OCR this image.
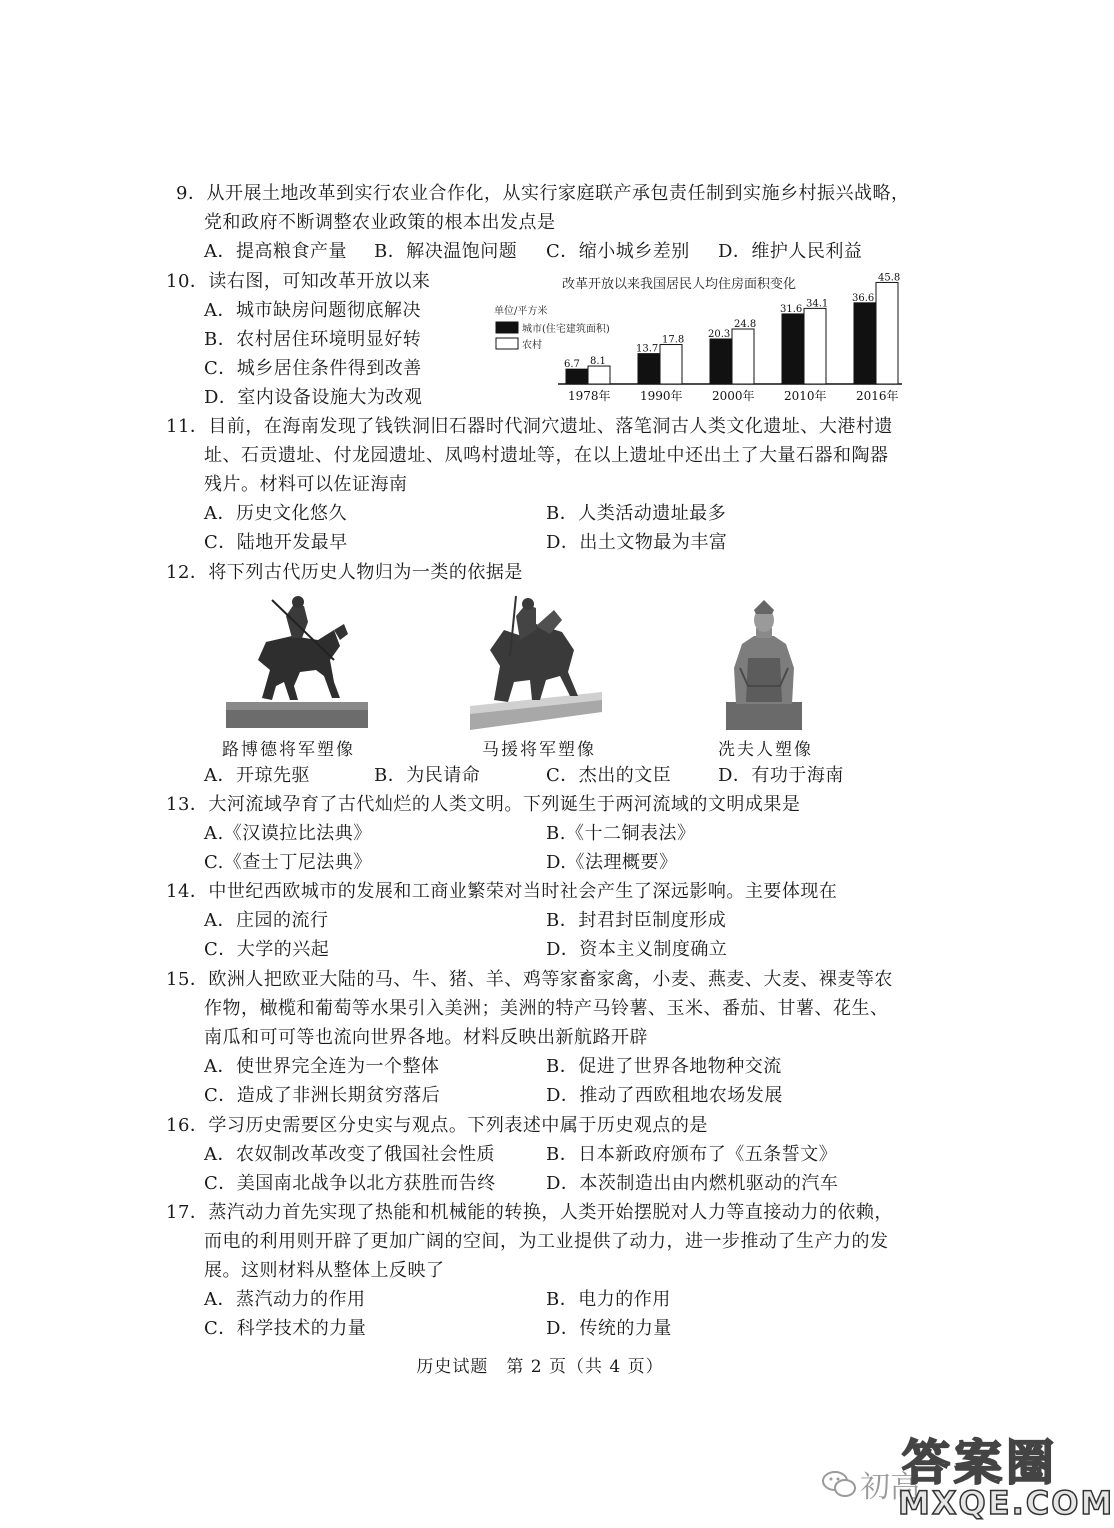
9．从开展土地改革到实行农业合作化，从实行家庭联产承包责任制到实施乡村振兴战略，
党和政府不断调整农业政策的根本出发点是
A．提高粮食产量 B．解决温饱问题 C．缩小城乡差别 D．维护人民利益
10．读右图，可知改革开放以来
A．城市缺房问题彻底解决
B．农村居住环境明显好转
C．城乡居住条件得到改善
D．室内设备设施大为改观
改革开放以来我国居民人均住房面积变化
单位/平方米
城市(住宅建筑面积)
农村
6.7 8.1
1978年
13.7
17.8
1990年
20.3
24.8
2000年
31.6
34.1
2010年
36.6
45.8
2016年
11．目前，在海南发现了钱铁洞旧石器时代洞穴遗址、落笔洞古人类文化遗址、大港村遗
址、石贡遗址、付龙园遗址、凤鸣村遗址等，在以上遗址中还出土了大量石器和陶器
残片。材料可以佐证海南
A．历史文化悠久	B．人类活动遗址最多
C．陆地开发最早	D．出土文物最为丰富
12．将下列古代历史人物归为一类的依据是
路博德将军塑像	马援将军塑像	冼夫人塑像
A．开琼先驱	B．为民请命	C．杰出的文臣	D．有功于海南
13．大河流域孕育了古代灿烂的人类文明。下列诞生于两河流域的文明成果是
A.《汉谟拉比法典》	B.《十二铜表法》
C.《查士丁尼法典》	D.《法理概要》
14．中世纪西欧城市的发展和工商业繁荣对当时社会产生了深远影响。主要体现在
A．庄园的流行	B．封君封臣制度形成
C．大学的兴起	D．资本主义制度确立
15．欧洲人把欧亚大陆的马、牛、猪、羊、鸡等家畜家禽，小麦、燕麦、大麦、裸麦等农
作物，橄榄和葡萄等水果引入美洲；美洲的特产马铃薯、玉米、番茄、甘薯、花生、
南瓜和可可等也流向世界各地。材料反映出新航路开辟
A．使世界完全连为一个整体	B．促进了世界各地物种交流
C．造成了非洲长期贫穷落后	D．推动了西欧租地农场发展
16．学习历史需要区分史实与观点。下列表述中属于历史观点的是
A．农奴制改革改变了俄国社会性质	B．日本新政府颁布了《五条誓文》
C．美国南北战争以北方获胜而告终	D．本茨制造出由内燃机驱动的汽车
17．蒸汽动力首先实现了热能和机械能的转换，人类开始摆脱对人力等直接动力的依赖，
而电的利用则开辟了更加广阔的空间，为工业提供了动力，进一步推动了生产力的发
展。这则材料从整体上反映了
A．蒸汽动力的作用	B．电力的作用
C．科学技术的力量	D．传统的力量
历史试题　第 2 页（共 4 页）
初高
答案圈
MXQE.COM
